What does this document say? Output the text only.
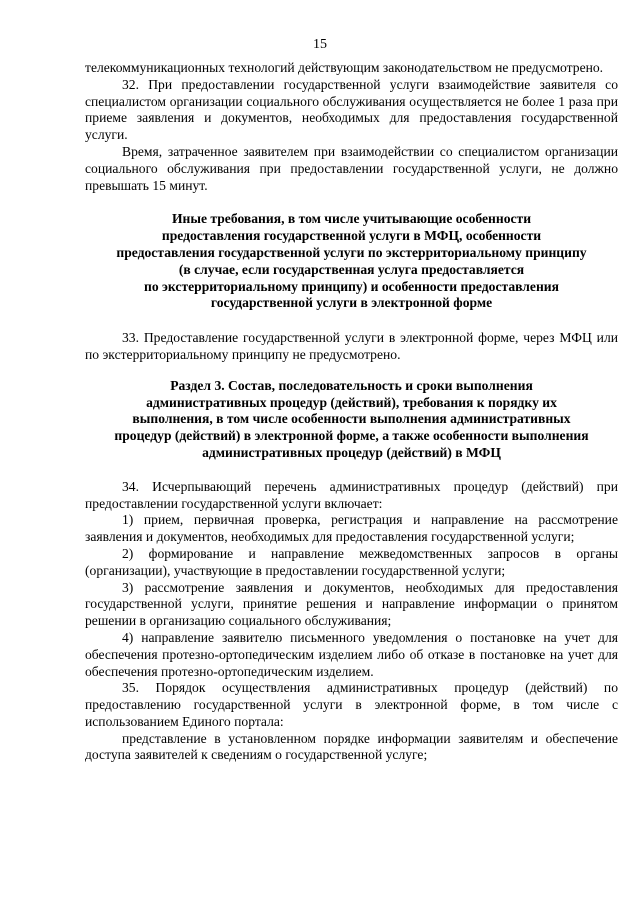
15

телекоммуникационных технологий действующим законодательством не предусмотрено.

32. При предоставлении государственной услуги взаимодействие заявителя со специалистом организации социального обслуживания осуществляется не более 1 раза при приеме заявления и документов, необходимых для предоставления государственной услуги.

Время, затраченное заявителем при взаимодействии со специалистом организации социального обслуживания при предоставлении государственной услуги, не должно превышать 15 минут.

Иные требования, в том числе учитывающие особенности
предоставления государственной услуги в МФЦ, особенности
предоставления государственной услуги по экстерриториальному принципу
(в случае, если государственная услуга предоставляется
по экстерриториальному принципу) и особенности предоставления
государственной услуги в электронной форме

33. Предоставление государственной услуги в электронной форме, через МФЦ или по экстерриториальному принципу не предусмотрено.

Раздел 3. Состав, последовательность и сроки выполнения
административных процедур (действий), требования к порядку их
выполнения, в том числе особенности выполнения административных
процедур (действий) в электронной форме, а также особенности выполнения
административных процедур (действий) в МФЦ

34. Исчерпывающий перечень административных процедур (действий) при предоставлении государственной услуги включает:

1) прием, первичная проверка, регистрация и направление на рассмотрение заявления и документов, необходимых для предоставления государственной услуги;

2) формирование и направление межведомственных запросов в органы (организации), участвующие в предоставлении государственной услуги;

3) рассмотрение заявления и документов, необходимых для предоставления государственной услуги, принятие решения и направление информации о принятом решении в организацию социального обслуживания;

4) направление заявителю письменного уведомления о постановке на учет для обеспечения протезно-ортопедическим изделием либо об отказе в постановке на учет для обеспечения протезно-ортопедическим изделием.

35. Порядок осуществления административных процедур (действий) по предоставлению государственной услуги в электронной форме, в том числе с использованием Единого портала:

представление в установленном порядке информации заявителям и обеспечение доступа заявителей к сведениям о государственной услуге;
